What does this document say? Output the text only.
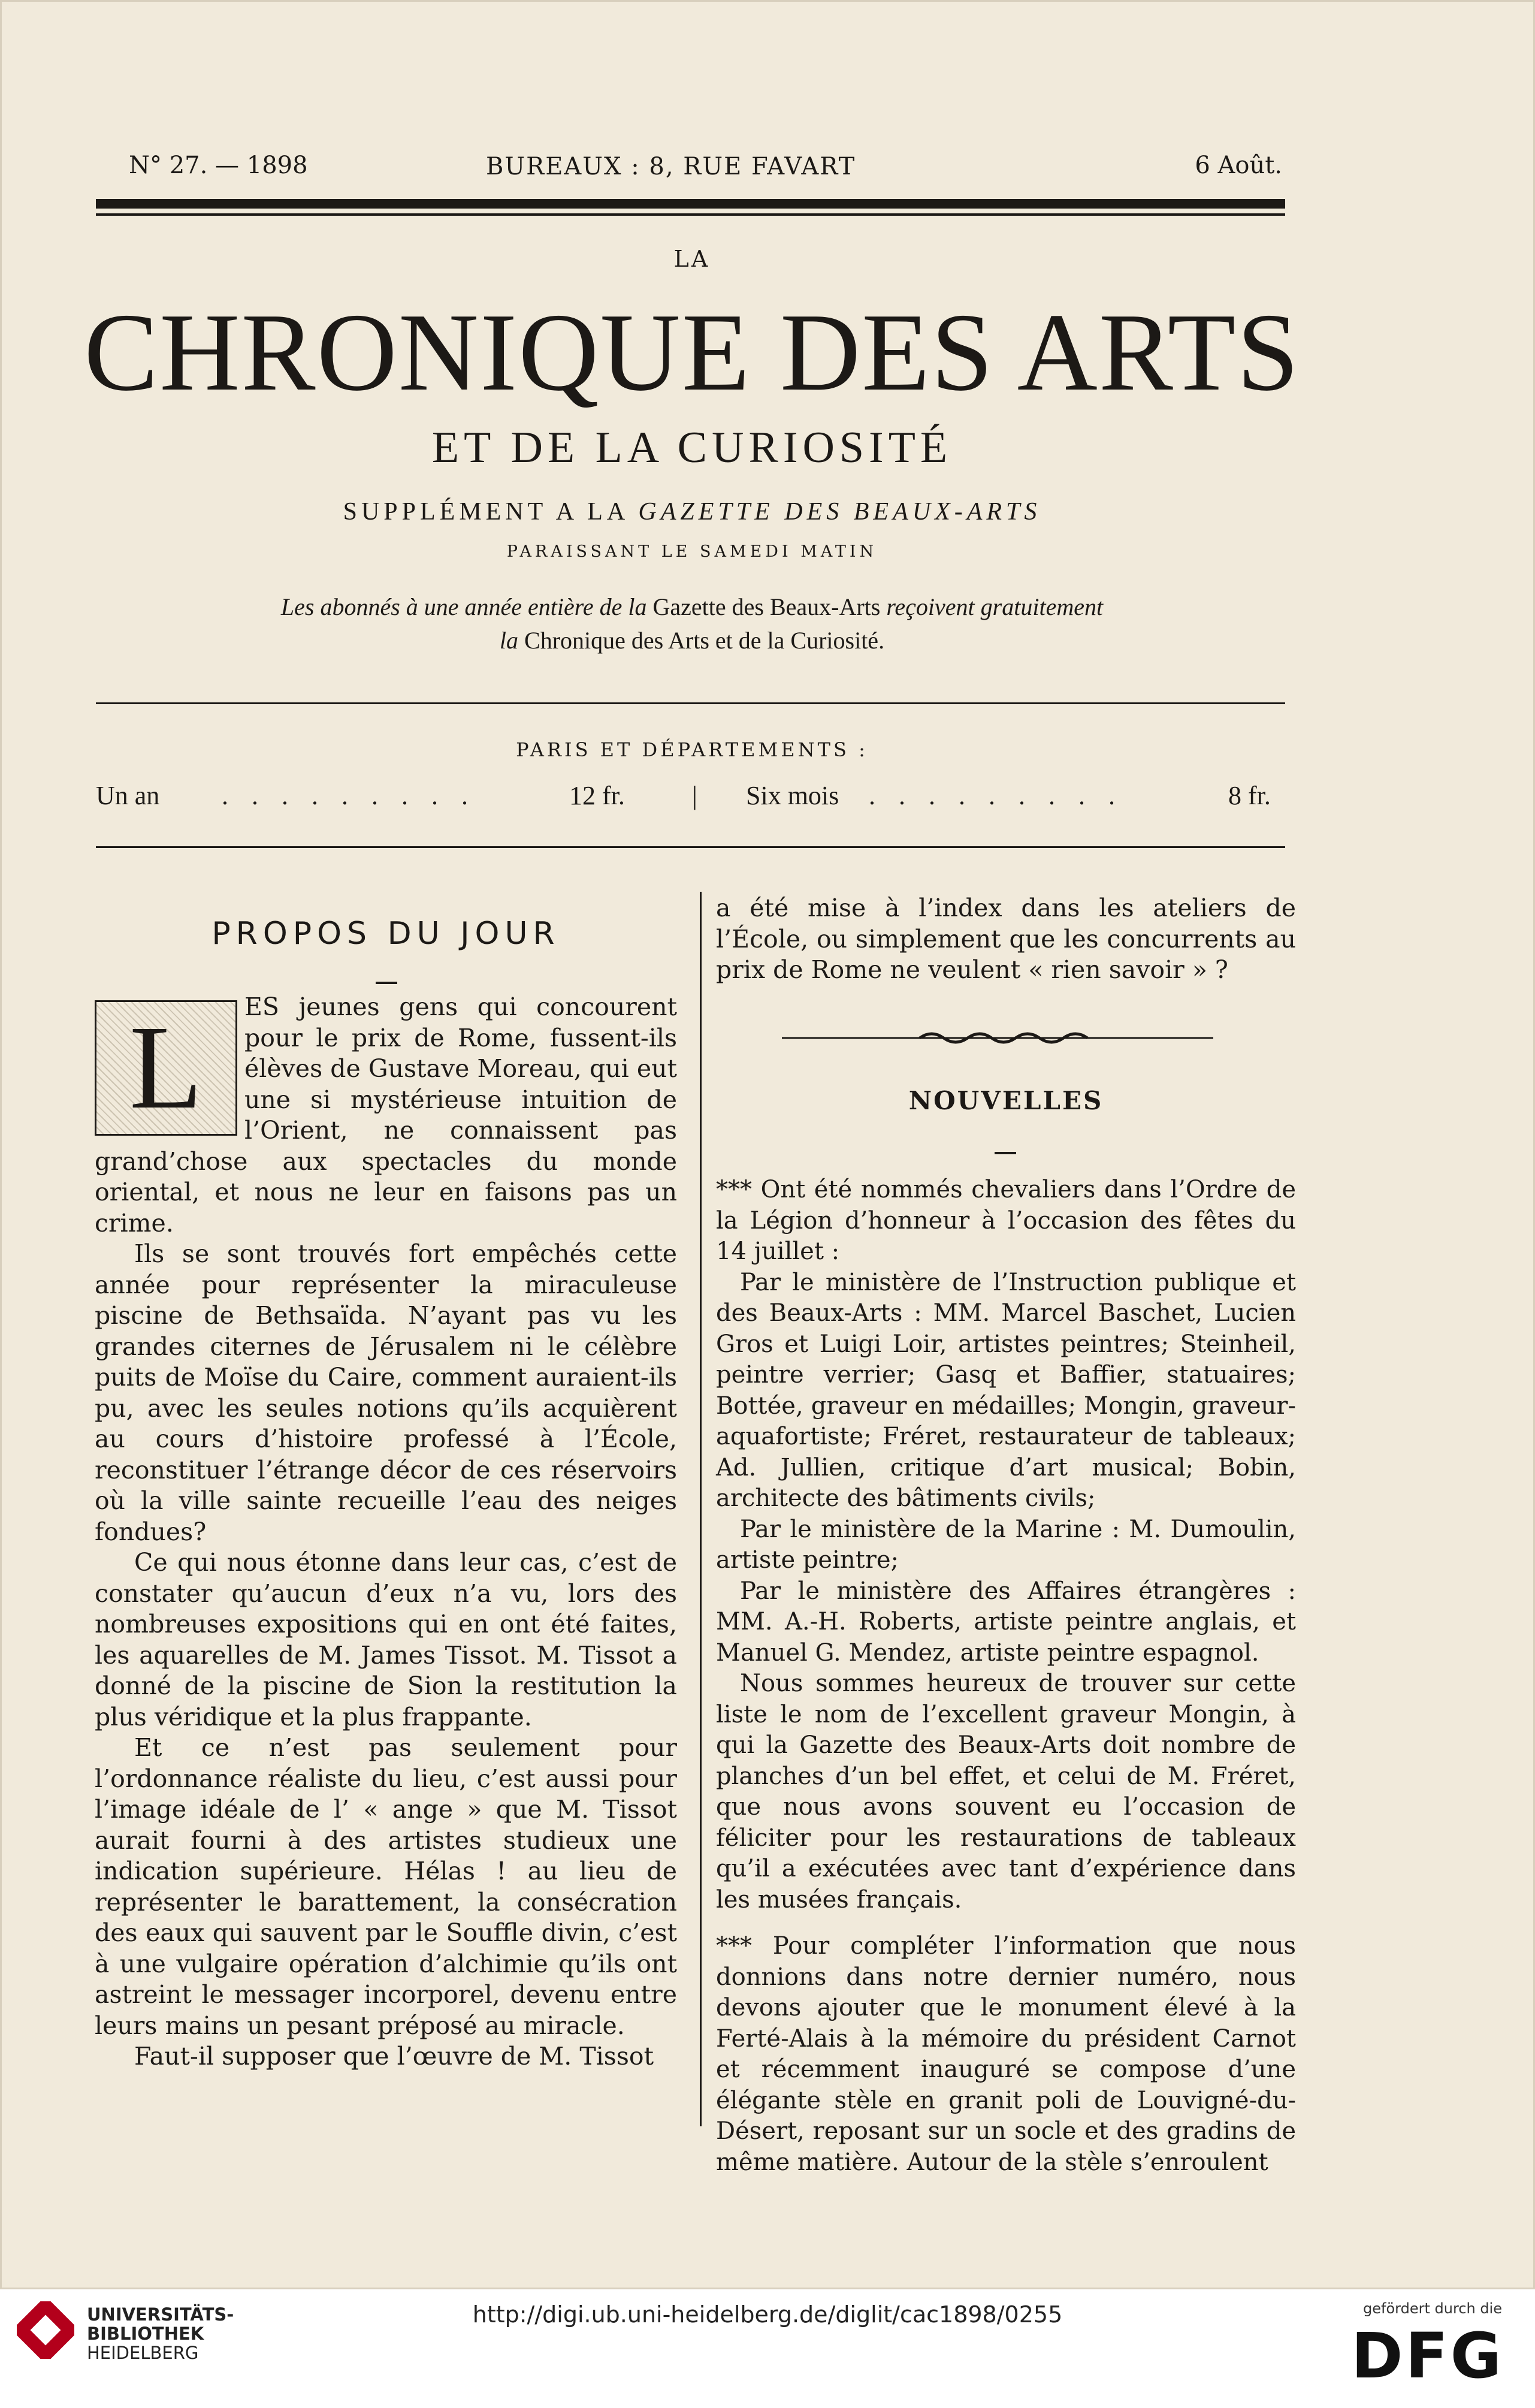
N° 27. — 1898	BUREAUX : 8, RUE FAVART	6 Août.
LA
CHRONIQUE DES ARTS
ET DE LA CURIOSITÉ
SUPPLÉMENT A LA GAZETTE DES BEAUX-ARTS
PARAISSANT LE SAMEDI MATIN
Les abonnés à une année entière de la Gazette des Beaux-Arts reçoivent gratuitement
la Chronique des Arts et de la Curiosité.
PARIS ET DÉPARTEMENTS :
Un an . . . . . . . . .	12 fr.	| Six mois . . . . . . . . .	8 fr.
PROPOS DU JOUR
L	ES jeunes gens qui concourent pour le prix de Rome, fussent-ils élèves de Gustave Moreau, qui eut une si mystérieuse intuition de l’Orient, ne connaissent pas grand’chose aux spectacles du monde oriental, et nous ne leur en faisons pas un crime.

Ils se sont trouvés fort empêchés cette année pour représenter la miraculeuse piscine de Bethsaïda. N’ayant pas vu les grandes citernes de Jérusalem ni le célèbre puits de Moïse du Caire, comment auraient-ils pu, avec les seules notions qu’ils acquièrent au cours d’histoire professé à l’École, reconstituer l’étrange décor de ces réservoirs où la ville sainte recueille l’eau des neiges fondues?

Ce qui nous étonne dans leur cas, c’est de constater qu’aucun d’eux n’a vu, lors des nombreuses expositions qui en ont été faites, les aquarelles de M. James Tissot. M. Tissot a donné de la piscine de Sion la restitution la plus véridique et la plus frappante.

Et ce n’est pas seulement pour l’ordonnance réaliste du lieu, c’est aussi pour l’image idéale de l’ « ange » que M. Tissot aurait fourni à des artistes studieux une indication supérieure. Hélas ! au lieu de représenter le barattement, la consécration des eaux qui sauvent par le Souffle divin, c’est à une vulgaire opération d’alchimie qu’ils ont astreint le messager incorporel, devenu entre leurs mains un pesant préposé au miracle.

Faut-il supposer que l’œuvre de M. Tissot

a été mise à l’index dans les ateliers de l’École, ou simplement que les concurrents au prix de Rome ne veulent « rien savoir » ?

NOUVELLES

*** Ont été nommés chevaliers dans l’Ordre de la Légion d’honneur à l’occasion des fêtes du 14 juillet :

Par le ministère de l’Instruction publique et des Beaux-Arts : MM. Marcel Baschet, Lucien Gros et Luigi Loir, artistes peintres; Steinheil, peintre verrier; Gasq et Baffier, statuaires; Bottée, graveur en médailles; Mongin, graveur-aquafortiste; Fréret, restaurateur de tableaux; Ad. Jullien, critique d’art musical; Bobin, architecte des bâtiments civils;

Par le ministère de la Marine : M. Dumoulin, artiste peintre;

Par le ministère des Affaires étrangères : MM. A.-H. Roberts, artiste peintre anglais, et Manuel G. Mendez, artiste peintre espagnol.

Nous sommes heureux de trouver sur cette liste le nom de l’excellent graveur Mongin, à qui la Gazette des Beaux-Arts doit nombre de planches d’un bel effet, et celui de M. Fréret, que nous avons souvent eu l’occasion de féliciter pour les restaurations de tableaux qu’il a exécutées avec tant d’expérience dans les musées français.

*** Pour compléter l’information que nous donnions dans notre dernier numéro, nous devons ajouter que le monument élevé à la Ferté-Alais à la mémoire du président Carnot et récemment inauguré se compose d’une élégante stèle en granit poli de Louvigné-du-Désert, reposant sur un socle et des gradins de même matière. Autour de la stèle s’enroulent

UNIVERSITÄTS-
BIBLIOTHEK
HEIDELBERG
http://digi.ub.uni-heidelberg.de/diglit/cac1898/0255	gefördert durch die
DFG
